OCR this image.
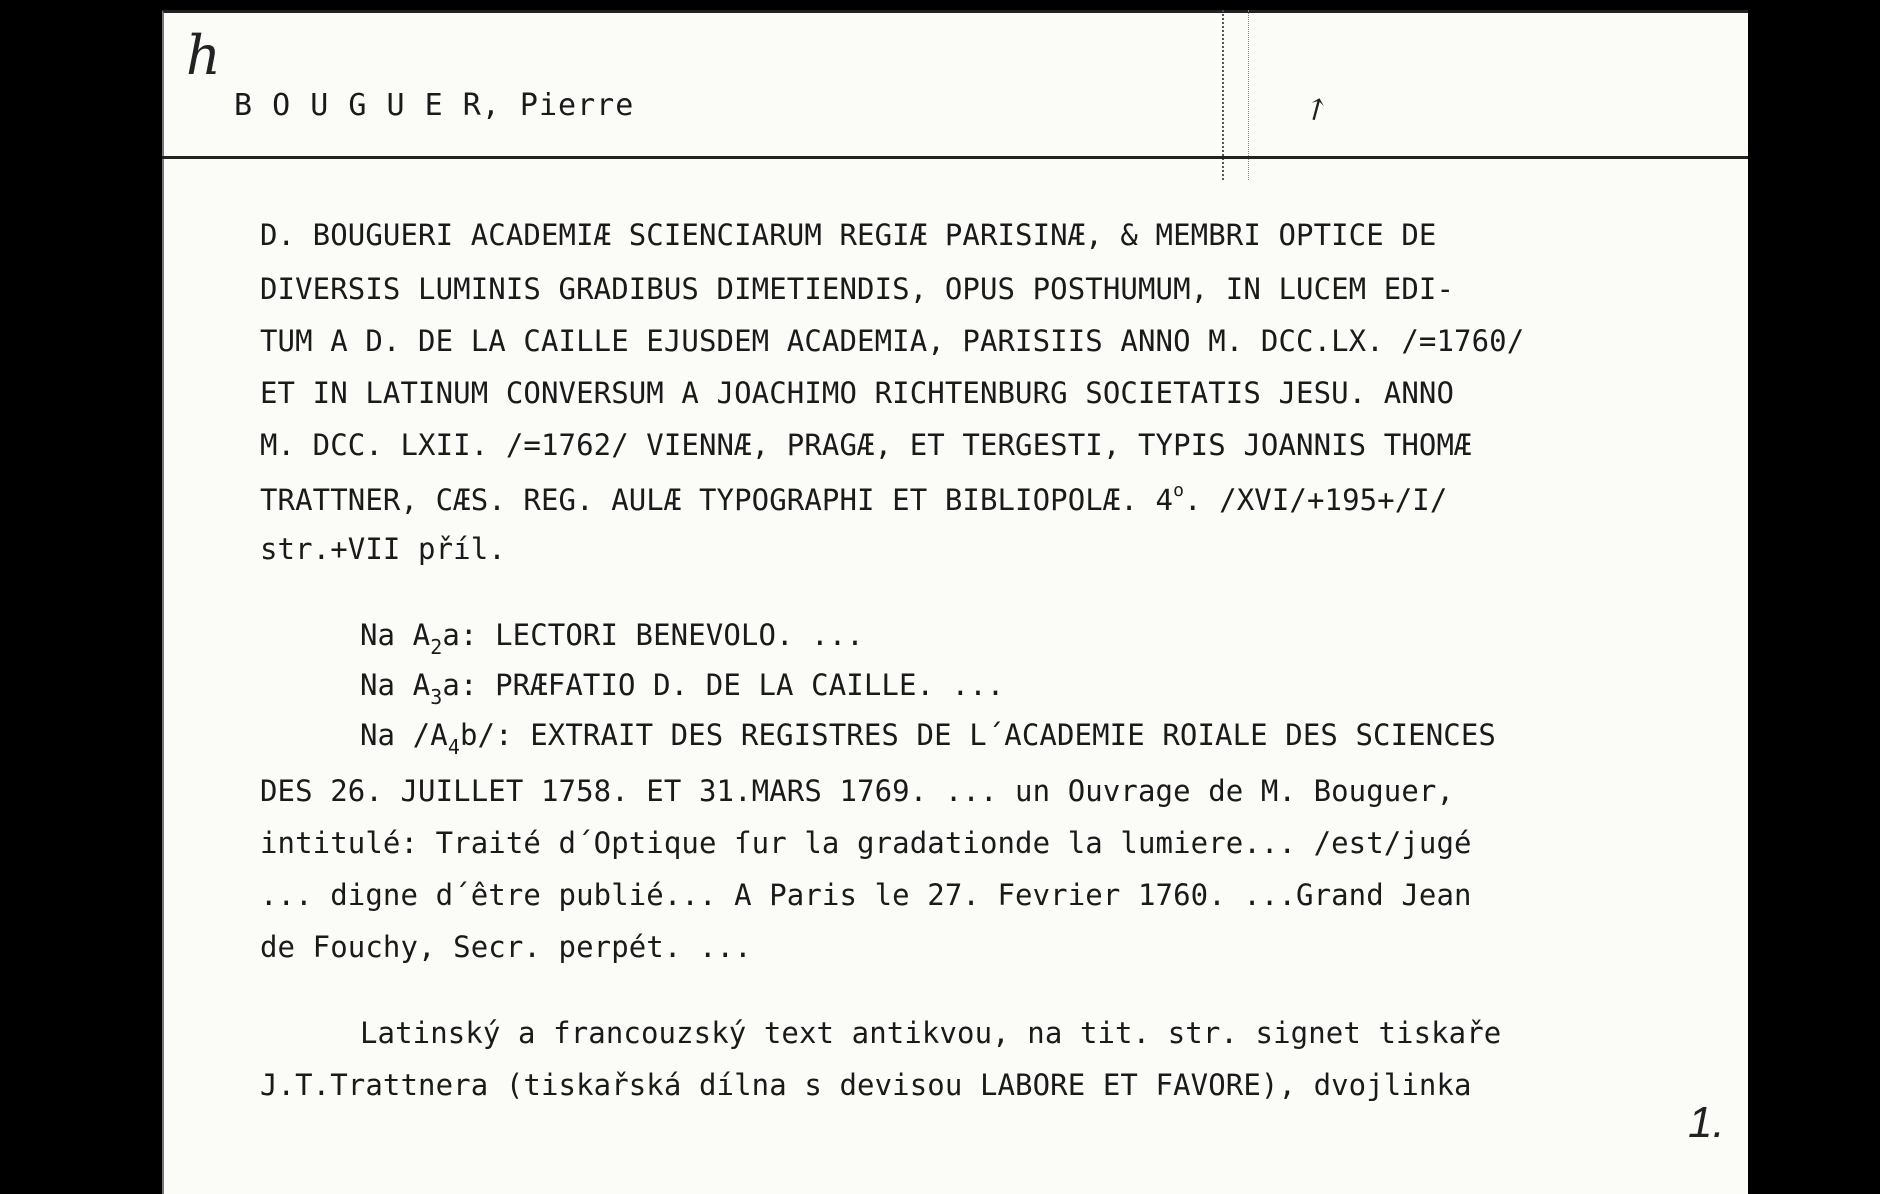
h
↗
B O U G U E R, Pierre
D. BOUGUERI ACADEMIÆ SCIENCIARUM REGIÆ PARISINÆ, & MEMBRI OPTICE DE
DIVERSIS LUMINIS GRADIBUS DIMETIENDIS, OPUS POSTHUMUM, IN LUCEM EDI-
TUM A D. DE LA CAILLE EJUSDEM ACADEMIA, PARISIIS ANNO M. DCC.LX. /=1760/
ET IN LATINUM CONVERSUM A JOACHIMO RICHTENBURG SOCIETATIS JESU. ANNO
M. DCC. LXII. /=1762/ VIENNÆ, PRAGÆ, ET TERGESTI, TYPIS JOANNIS THOMÆ
TRATTNER, CÆS. REG. AULÆ TYPOGRAPHI ET BIBLIOPOLÆ. 4$^o$. /XVI/+195+/I/
str.+VII příl.
Na $A_2a$: LECTORI BENEVOLO. ...
Na $A_3a$: PRÆFATIO D. DE LA CAILLE. ...
Na $/A_4b/$: EXTRAIT DES REGISTRES DE L´ACADEMIE ROIALE DES SCIENCES
DES 26. JUILLET 1758. ET 31.MARS 1769. ... un Ouvrage de M. Bouguer,
intitulé: Traité d´Optique ſur la gradationde la lumiere... /est/jugé
... digne d´être publié... A Paris le 27. Fevrier 1760. ...Grand Jean
de Fouchy, Secr. perpét. ...
Latinský a francouzský text antikvou, na tit. str. signet tiskaře
J.T.Trattnera (tiskařská dílna s devisou LABORE ET FAVORE), dvojlinka
1.
